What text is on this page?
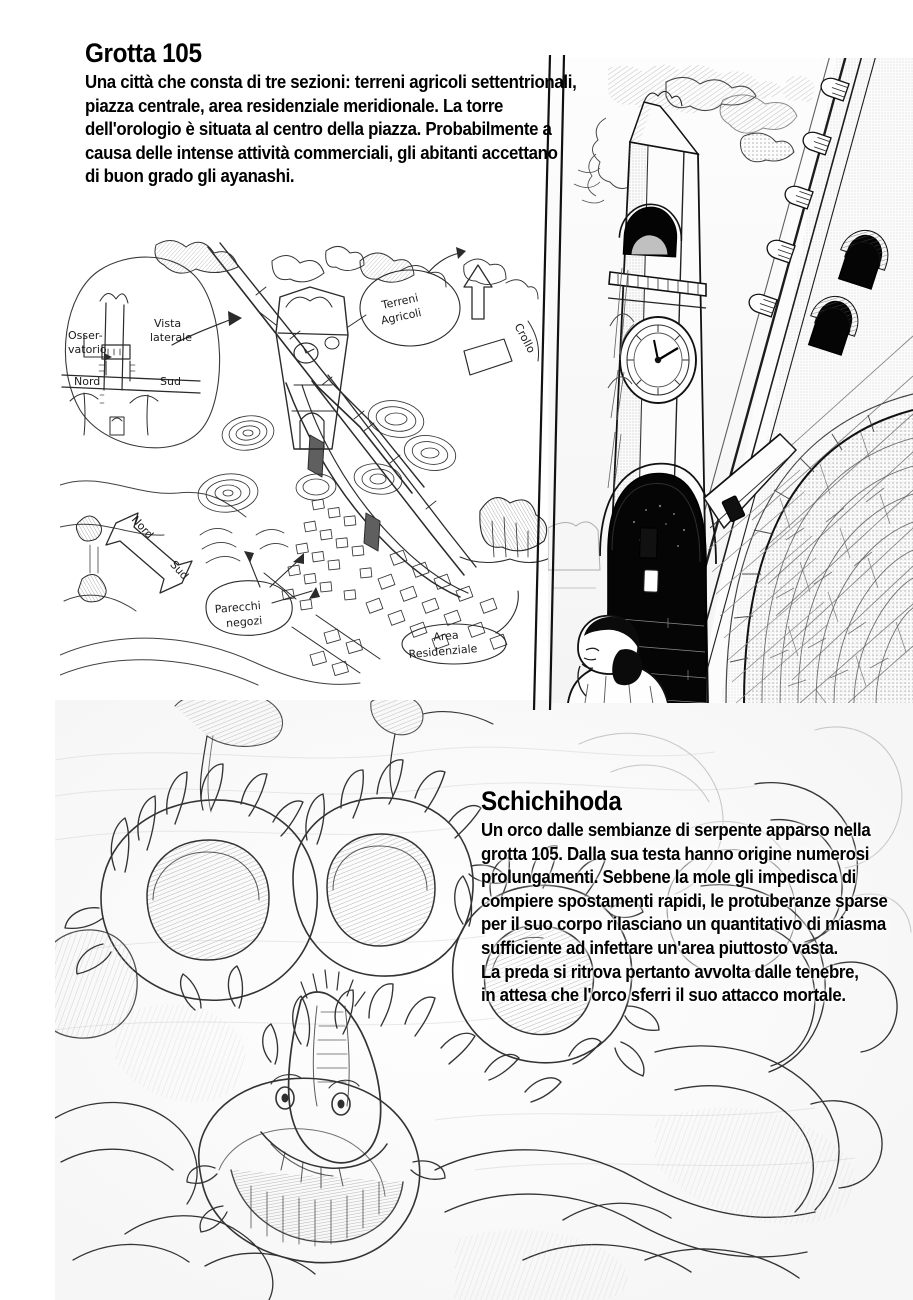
Osser-
vatorio
Nord
Vista
laterale
Sud
Terreni
Agricoli
Crollo
Nord
Sud
Parecchi
negozi
Area
Residenziale
Grotta 105
Una città che consta di tre sezioni: terreni agricoli settentrionali,
piazza centrale, area residenziale meridionale. La torre
dell'orologio è situata al centro della piazza. Probabilmente a
causa delle intense attività commerciali, gli abitanti accettano
di buon grado gli ayanashi.
Schichihoda
Un orco dalle sembianze di serpente apparso nella
grotta 105. Dalla sua testa hanno origine numerosi
prolungamenti. Sebbene la mole gli impedisca di
compiere spostamenti rapidi, le protuberanze sparse
per il suo corpo rilasciano un quantitativo di miasma
sufficiente ad infettare un'area piuttosto vasta.
La preda si ritrova pertanto avvolta dalle tenebre,
in attesa che l'orco sferri il suo attacco mortale.
